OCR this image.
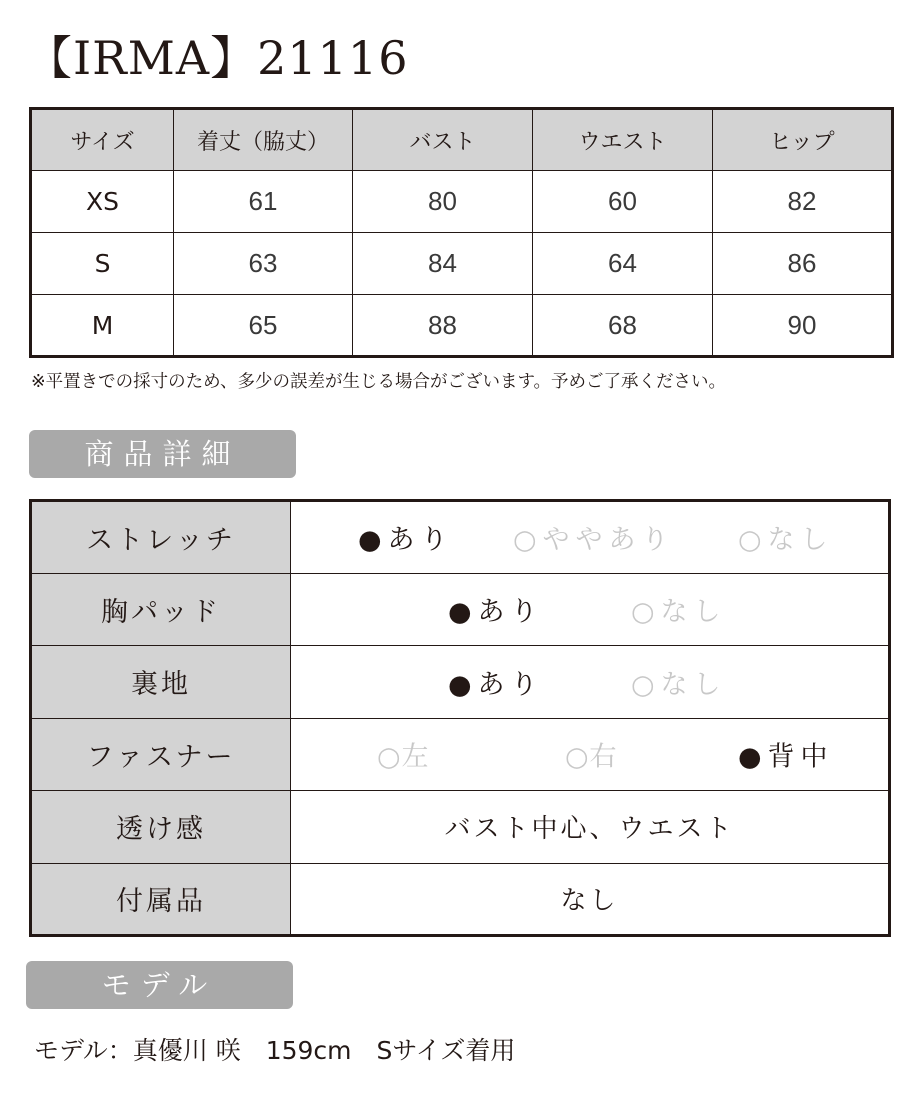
【IRMA】21116
サイズ	着丈（脇丈）	バスト	ウエスト	ヒップ
XS	61	80	60	82
S	63	84	64	86
M	65	88	68	90
※平置きでの採寸のため、多少の誤差が生じる場合がございます。予めご了承ください。
商品詳細
ストレッチ	●あり ○ややあり ○なし

胸パッド	●あり ○なし

裏地	●あり ○なし

ファスナー	○左 ○右 ●背中

透け感	バスト中心、ウエスト
付属品	なし
モデル
モデル：真優川 咲　159cm　Sサイズ着用
